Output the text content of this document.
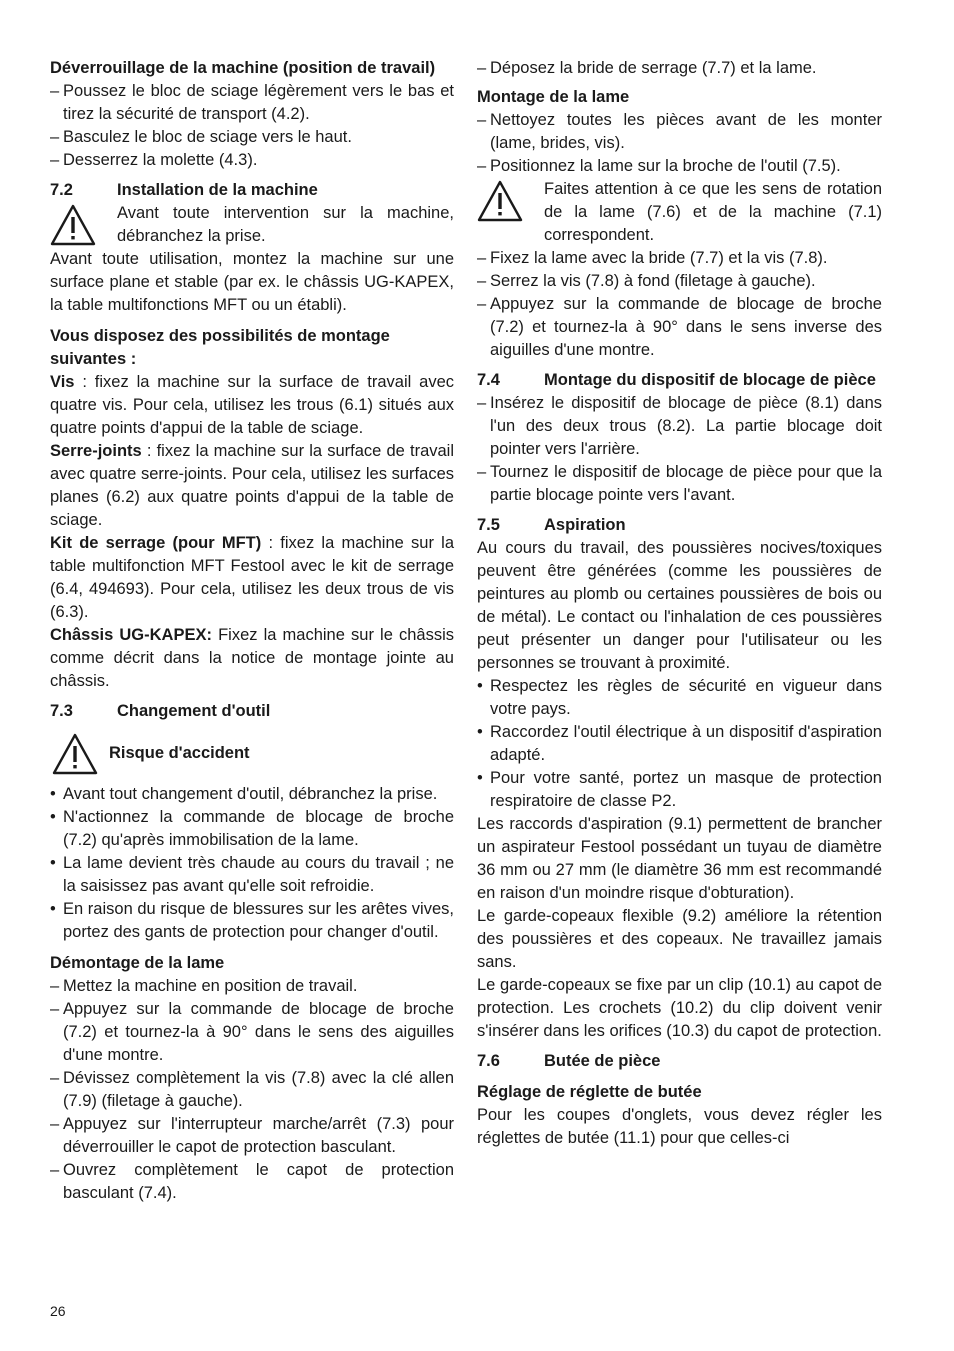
Déverrouillage de la machine (position de travail)
– Poussez le bloc de sciage légèrement vers le bas et tirez la sécurité de transport (4.2).
– Basculez le bloc de sciage vers le haut.
– Desserrez la molette (4.3).
7.2	Installation de la machine
Avant toute intervention sur la machine, débranchez la prise.

Avant toute utilisation, montez la machine sur une surface plane et stable (par ex. le châssis UG-KAPEX, la table multifonctions MFT ou un établi).

Vous disposez des possibilités de montage suivantes :

Vis : fixez la machine sur la surface de travail avec quatre vis. Pour cela, utilisez les trous (6.1) situés aux quatre points d'appui de la table de sciage.

Serre-joints : fixez la machine sur la surface de travail avec quatre serre-joints. Pour cela, utilisez les surfaces planes (6.2) aux quatre points d'appui de la table de sciage.

Kit de serrage (pour MFT) : fixez la machine sur la table multifonction MFT Festool avec le kit de serrage (6.4, 494693). Pour cela, utilisez les deux trous de vis (6.3).

Châssis UG-KAPEX: Fixez la machine sur le châssis comme décrit dans la notice de montage jointe au châssis.

7.3	Changement d'outil
Risque d'accident
• Avant tout changement d'outil, débranchez la prise.
• N'actionnez la commande de blocage de broche (7.2) qu'après immobilisation de la lame.
• La lame devient très chaude au cours du travail ; ne la saisissez pas avant qu'elle soit refroidie.
• En raison du risque de blessures sur les arêtes vives, portez des gants de protection pour changer d'outil.
Démontage de la lame
– Mettez la machine en position de travail.
– Appuyez sur la commande de blocage de broche (7.2) et tournez-la à 90° dans le sens des aiguilles d'une montre.
– Dévissez complètement la vis (7.8) avec la clé allen (7.9) (filetage à gauche).
– Appuyez sur l'interrupteur marche/arrêt (7.3) pour déverrouiller le capot de protection basculant.
– Ouvrez complètement le capot de protection basculant (7.4).
– Déposez la bride de serrage (7.7) et la lame.
Montage de la lame
– Nettoyez toutes les pièces avant de les monter (lame, brides, vis).
– Positionnez la lame sur la broche de l'outil (7.5).
Faites attention à ce que les sens de rotation de la lame (7.6) et de la machine (7.1) correspondent.
– Fixez la lame avec la bride (7.7) et la vis (7.8).
– Serrez la vis (7.8) à fond (filetage à gauche).
– Appuyez sur la commande de blocage de broche (7.2) et tournez-la à 90° dans le sens inverse des aiguilles d'une montre.
7.4	Montage du dispositif de blocage de pièce
– Insérez le dispositif de blocage de pièce (8.1) dans l'un des deux trous (8.2). La partie blocage doit pointer vers l'arrière.
– Tournez le dispositif de blocage de pièce pour que la partie blocage pointe vers l'avant.
7.5	Aspiration

Au cours du travail, des poussières nocives/toxiques peuvent être générées (comme les poussières de peintures au plomb ou certaines poussières de bois ou de métal). Le contact ou l'inhalation de ces poussières peut présenter un danger pour l'utilisateur ou les personnes se trouvant à proximité.

• Respectez les règles de sécurité en vigueur dans votre pays.
• Raccordez l'outil électrique à un dispositif d'aspiration adapté.
• Pour votre santé, portez un masque de protection respiratoire de classe P2.

Les raccords d'aspiration (9.1) permettent de brancher un aspirateur Festool possédant un tuyau de diamètre 36 mm ou 27 mm (le diamètre 36 mm est recommandé en raison d'un moindre risque d'obturation).

Le garde-copeaux flexible (9.2) améliore la rétention des poussières et des copeaux. Ne travaillez jamais sans.

Le garde-copeaux se fixe par un clip (10.1) au capot de protection. Les crochets (10.2) du clip doivent venir s'insérer dans les orifices (10.3) du capot de protection.

7.6	Butée de pièce
Réglage de réglette de butée

Pour les coupes d'onglets, vous devez régler les réglettes de butée (11.1) pour que celles-ci

26
